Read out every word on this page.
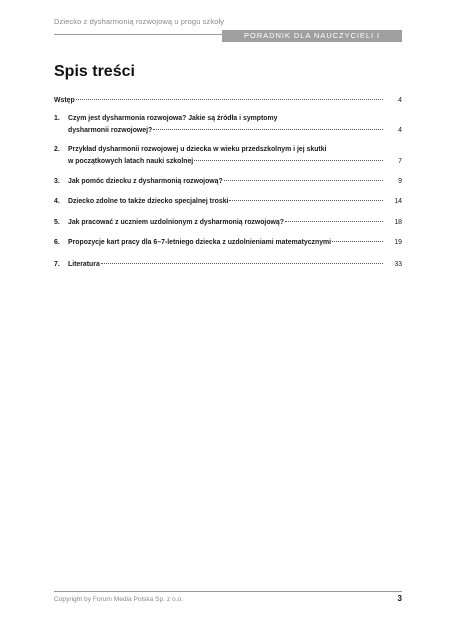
Dziecko z dysharmonią rozwojową u progu szkoły
PORADNIK DLA NAUCZYCIELI I RODZICÓW
Spis treści
Wstęp	4
1.	Czym jest dysharmonia rozwojowa? Jakie są źródła i symptomy
dysharmonii rozwojowej?	4
2.	Przykład dysharmonii rozwojowej u dziecka w wieku przedszkolnym i jej skutki
w początkowych latach nauki szkolnej	7
3.	Jak pomóc dziecku z dysharmonią rozwojową?	9
4.	Dziecko zdolne to także dziecko specjalnej troski	14
5.	Jak pracować z uczniem uzdolnionym z dysharmonią rozwojową?	18
6.	Propozycje kart pracy dla 6–7-letniego dziecka z uzdolnieniami matematycznymi	19
7.	Literatura	33
Copyright by Forum Media Polska Sp. z o.o.	3
